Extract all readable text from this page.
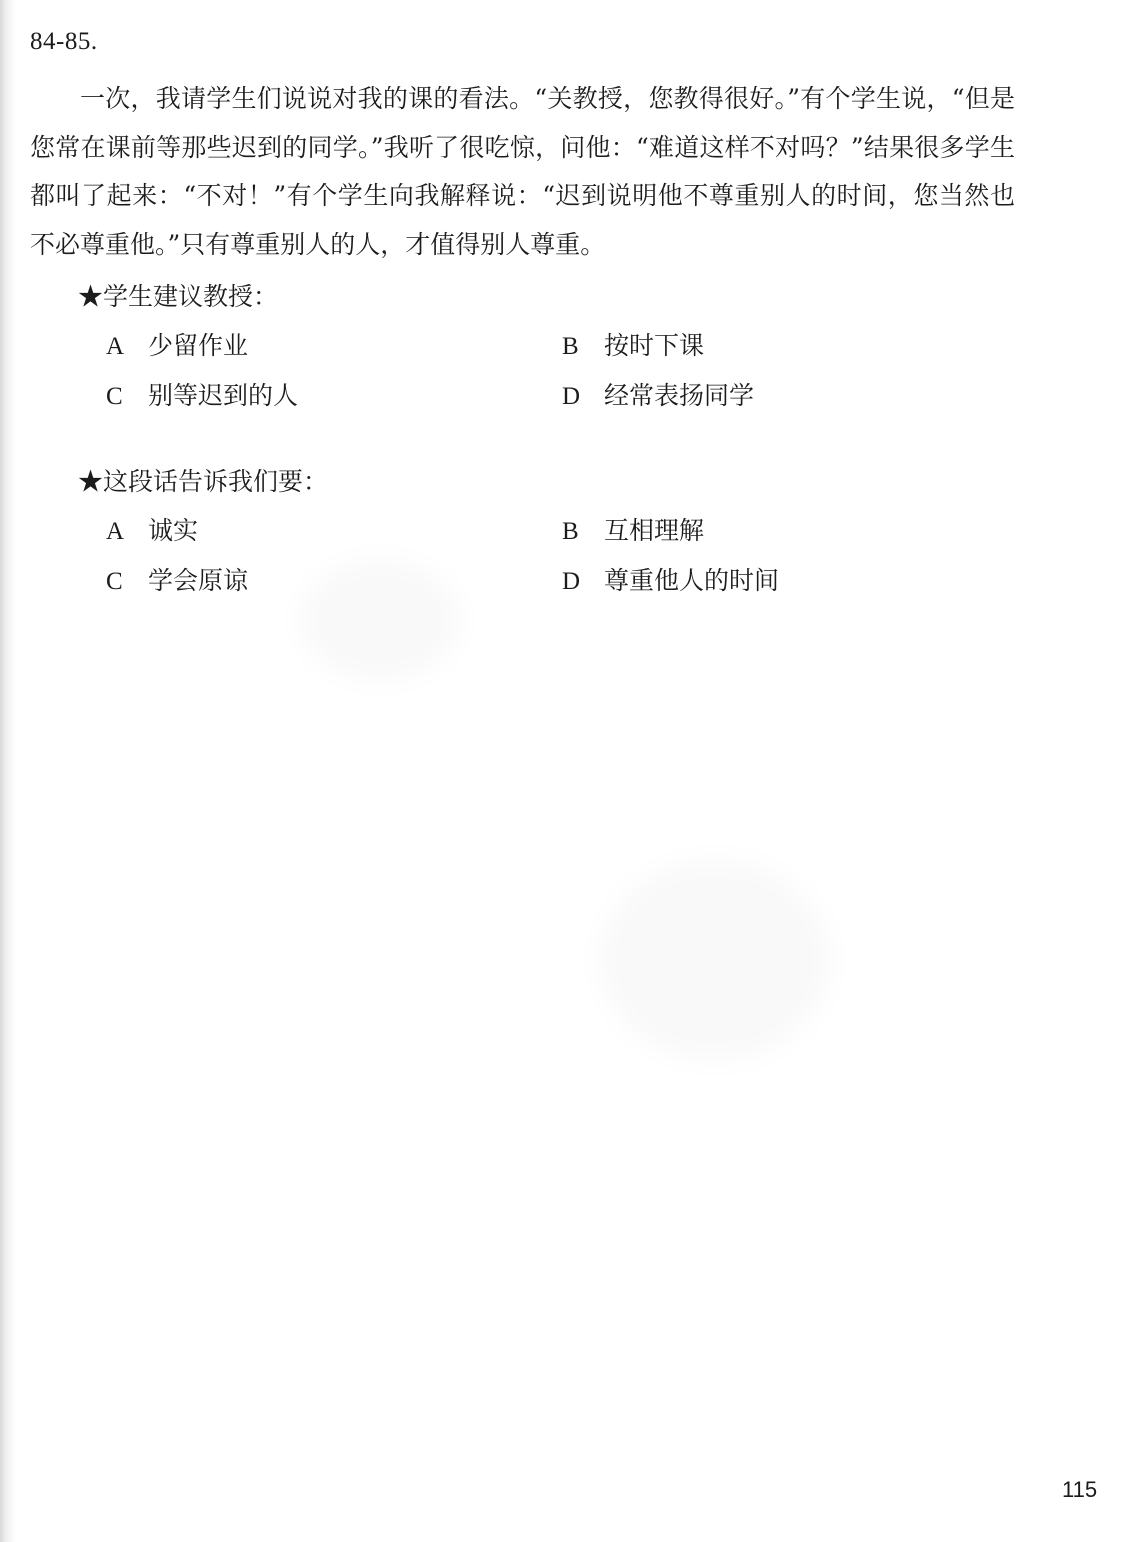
84-85.

一次，我请学生们说说对我的课的看法。“关教授，您教得很好。”有个学生说，“但是您常在课前等那些迟到的同学。”我听了很吃惊，问他：“难道这样不对吗？”结果很多学生都叫了起来：“不对！”有个学生向我解释说：“迟到说明他不尊重别人的时间，您当然也不必尊重他。”只有尊重别人的人，才值得别人尊重。

★学生建议教授：

A 少留作业	B 按时下课
C 别等迟到的人	D 经常表扬同学

★这段话告诉我们要：

A 诚实	B 互相理解
C 学会原谅	D 尊重他人的时间
115
